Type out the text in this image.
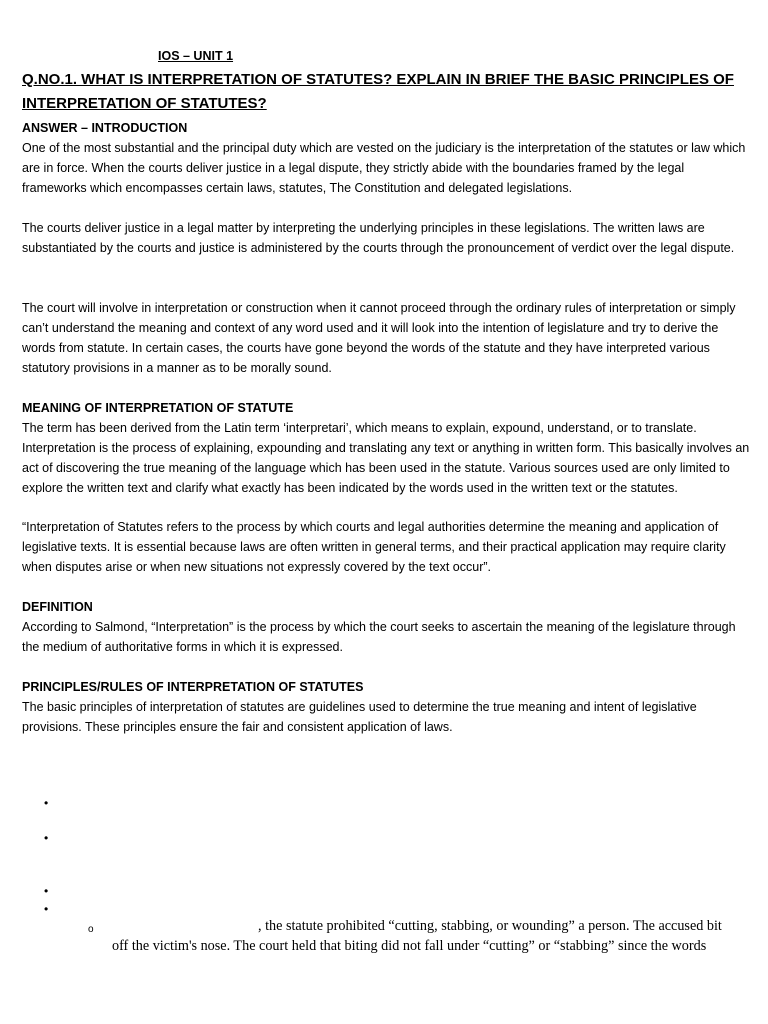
IOS – UNIT 1
Q.NO.1. WHAT IS INTERPRETATION OF STATUTES? EXPLAIN IN BRIEF THE BASIC PRINCIPLES OF INTERPRETATION OF STATUTES?
ANSWER – INTRODUCTION

One of the most substantial and the principal duty which are vested on the judiciary is the interpretation of the statutes or law which are in force. When the courts deliver justice in a legal dispute, they strictly abide with the boundaries framed by the legal frameworks which encompasses certain laws, statutes, The Constitution and delegated legislations.

The courts deliver justice in a legal matter by interpreting the underlying principles in these legislations. The written laws are substantiated by the courts and justice is administered by the courts through the pronouncement of verdict over the legal dispute.

The court will involve in interpretation or construction when it cannot proceed through the ordinary rules of interpretation or simply can’t understand the meaning and context of any word used and it will look into the intention of legislature and try to derive the words from statute. In certain cases, the courts have gone beyond the words of the statute and they have interpreted various statutory provisions in a manner as to be morally sound.

MEANING OF INTERPRETATION OF STATUTE

The term has been derived from the Latin term ‘interpretari’, which means to explain, expound, understand, or to translate. Interpretation is the process of explaining, expounding and translating any text or anything in written form. This basically involves an act of discovering the true meaning of the language which has been used in the statute. Various sources used are only limited to explore the written text and clarify what exactly has been indicated by the words used in the written text or the statutes.

“Interpretation of Statutes refers to the process by which courts and legal authorities determine the meaning and application of legislative texts. It is essential because laws are often written in general terms, and their practical application may require clarity when disputes arise or when new situations not expressly covered by the text occur”.

DEFINITION

According to Salmond, “Interpretation” is the process by which the court seeks to ascertain the meaning of the legislature through the medium of authoritative forms in which it is expressed.

PRINCIPLES/RULES OF INTERPRETATION OF STATUTES

The basic principles of interpretation of statutes are guidelines used to determine the true meaning and intent of legislative provisions. These principles ensure the fair and consistent application of laws.

•
•
•
•
o	, the statute prohibited “cutting, stabbing, or wounding” a person. The accused bit
off the victim's nose. The court held that biting did not fall under “cutting” or “stabbing” since the words
